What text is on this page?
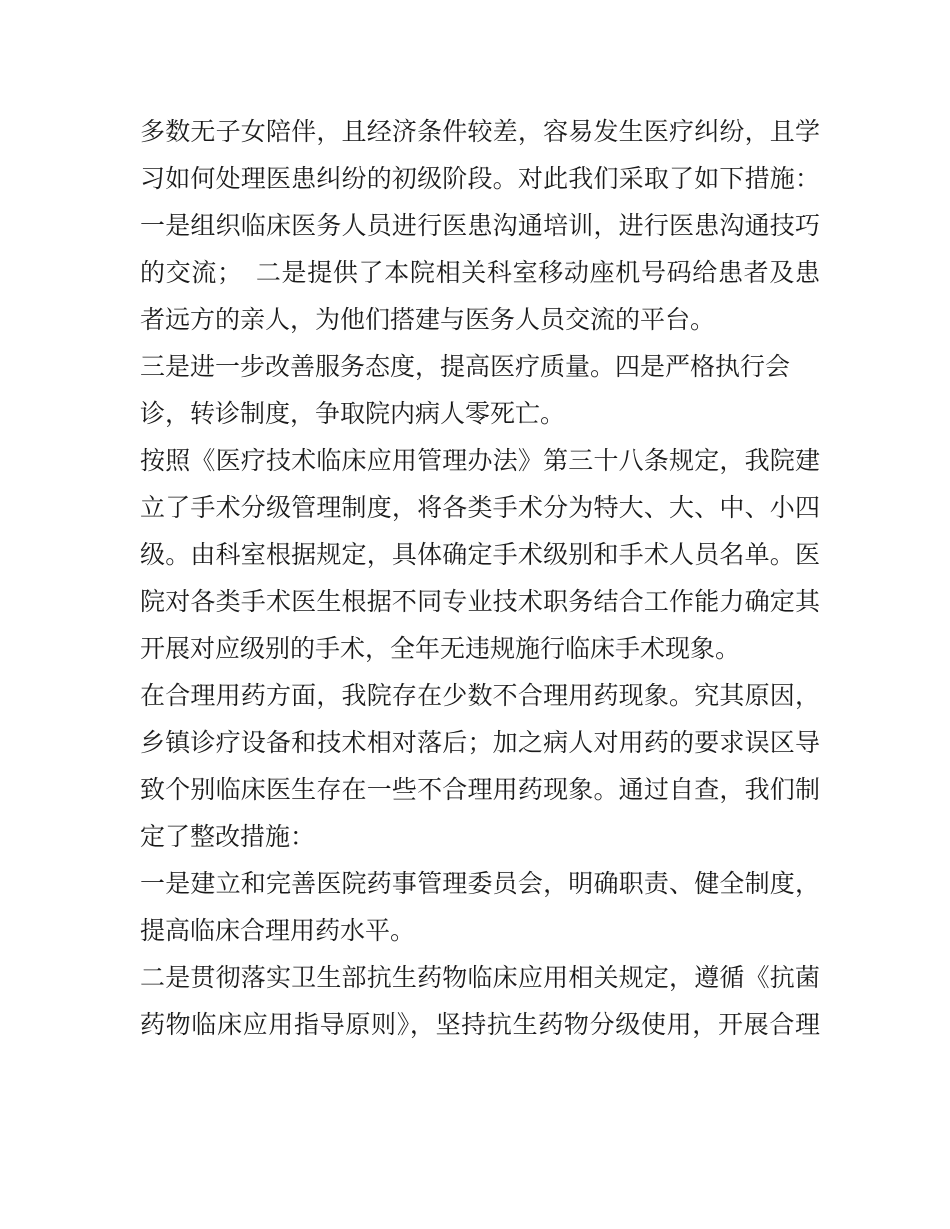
多数无子女陪伴，且经济条件较差，容易发生医疗纠纷，且学
习如何处理医患纠纷的初级阶段。对此我们采取了如下措施：
一是组织临床医务人员进行医患沟通培训，进行医患沟通技巧
的交流；　二是提供了本院相关科室移动座机号码给患者及患
者远方的亲人，为他们搭建与医务人员交流的平台。
三是进一步改善服务态度，提高医疗质量。四是严格执行会
诊，转诊制度，争取院内病人零死亡。
按照《医疗技术临床应用管理办法》第三十八条规定，我院建
立了手术分级管理制度，将各类手术分为特大、大、中、小四
级。由科室根据规定，具体确定手术级别和手术人员名单。医
院对各类手术医生根据不同专业技术职务结合工作能力确定其
开展对应级别的手术，全年无违规施行临床手术现象。
在合理用药方面，我院存在少数不合理用药现象。究其原因，
乡镇诊疗设备和技术相对落后；加之病人对用药的要求误区导
致个别临床医生存在一些不合理用药现象。通过自查，我们制
定了整改措施：
一是建立和完善医院药事管理委员会，明确职责、健全制度，
提高临床合理用药水平。
二是贯彻落实卫生部抗生药物临床应用相关规定，遵循《抗菌
药物临床应用指导原则》，坚持抗生药物分级使用，开展合理
